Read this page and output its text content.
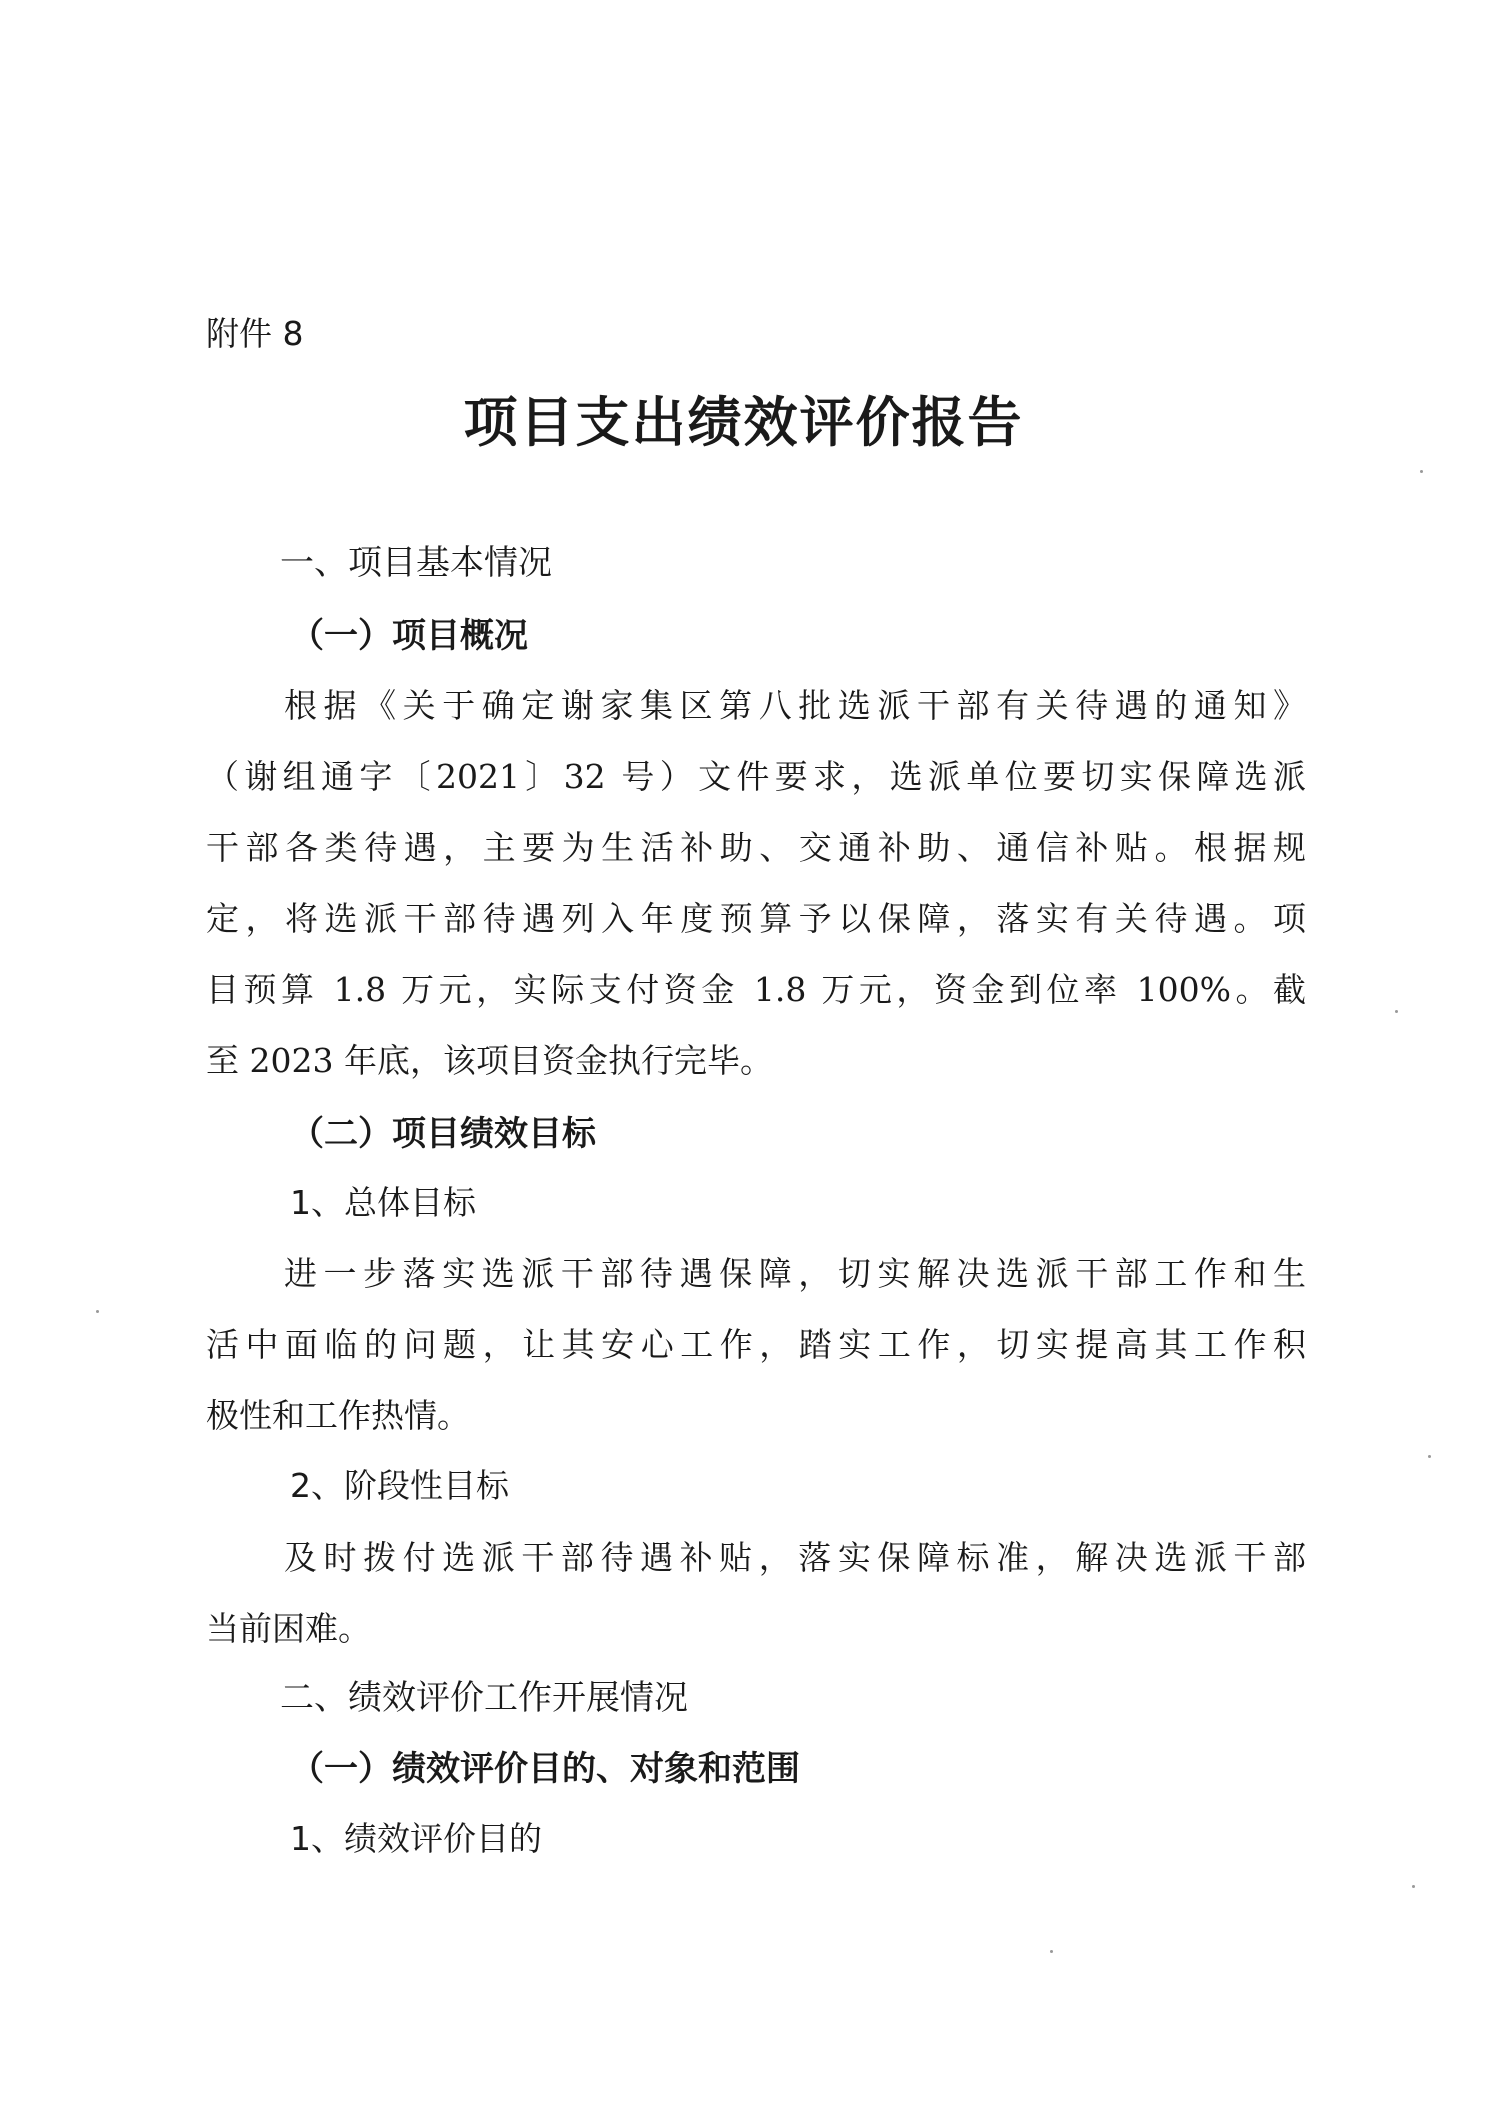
附件 8
项目支出绩效评价报告
一、项目基本情况
（一）项目概况
根据《关于确定谢家集区第八批选派干部有关待遇的通知》
（谢组通字〔2021〕32 号）文件要求，选派单位要切实保障选派
干部各类待遇，主要为生活补助、交通补助、通信补贴。根据规
定，将选派干部待遇列入年度预算予以保障，落实有关待遇。项
目预算 1.8 万元，实际支付资金 1.8 万元，资金到位率 100%。截
至 2023 年底，该项目资金执行完毕。
（二）项目绩效目标
1、总体目标
进一步落实选派干部待遇保障，切实解决选派干部工作和生
活中面临的问题，让其安心工作，踏实工作，切实提高其工作积
极性和工作热情。
2、阶段性目标
及时拨付选派干部待遇补贴，落实保障标准，解决选派干部
当前困难。
二、绩效评价工作开展情况
（一）绩效评价目的、对象和范围
1、绩效评价目的
